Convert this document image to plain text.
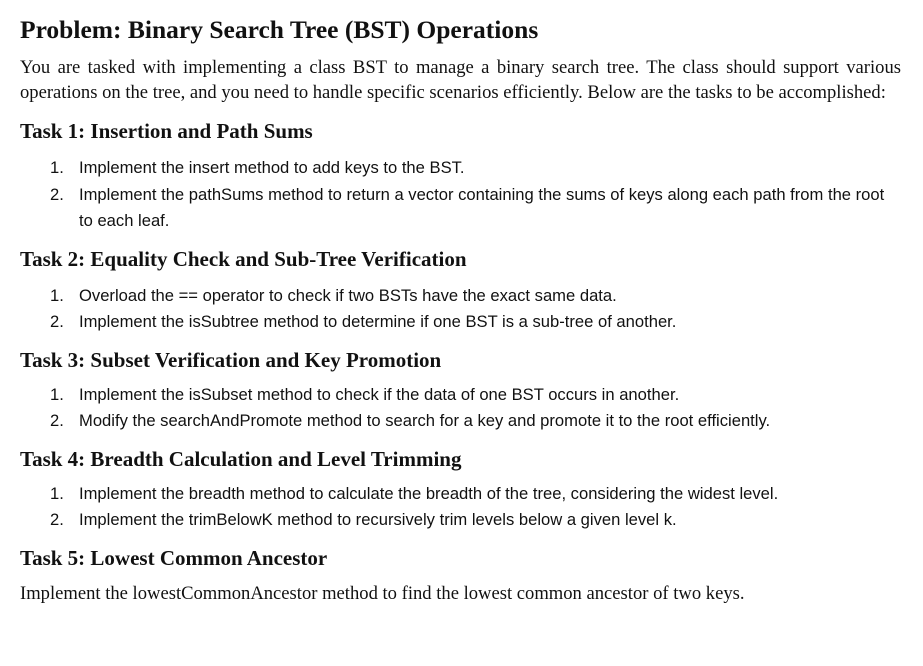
Problem: Binary Search Tree (BST) Operations

You are tasked with implementing a class BST to manage a binary search tree. The class should support various operations on the tree, and you need to handle specific scenarios efficiently. Below are the tasks to be accomplished:

Task 1: Insertion and Path Sums
1. Implement the insert method to add keys to the BST.
2. Implement the pathSums method to return a vector containing the sums of keys along each path from the root to each leaf.
Task 2: Equality Check and Sub-Tree Verification
1. Overload the == operator to check if two BSTs have the exact same data.
2. Implement the isSubtree method to determine if one BST is a sub-tree of another.
Task 3: Subset Verification and Key Promotion
1. Implement the isSubset method to check if the data of one BST occurs in another.
2. Modify the searchAndPromote method to search for a key and promote it to the root efficiently.
Task 4: Breadth Calculation and Level Trimming
1. Implement the breadth method to calculate the breadth of the tree, considering the widest level.
2. Implement the trimBelowK method to recursively trim levels below a given level k.
Task 5: Lowest Common Ancestor

Implement the lowestCommonAncestor method to find the lowest common ancestor of two keys.
